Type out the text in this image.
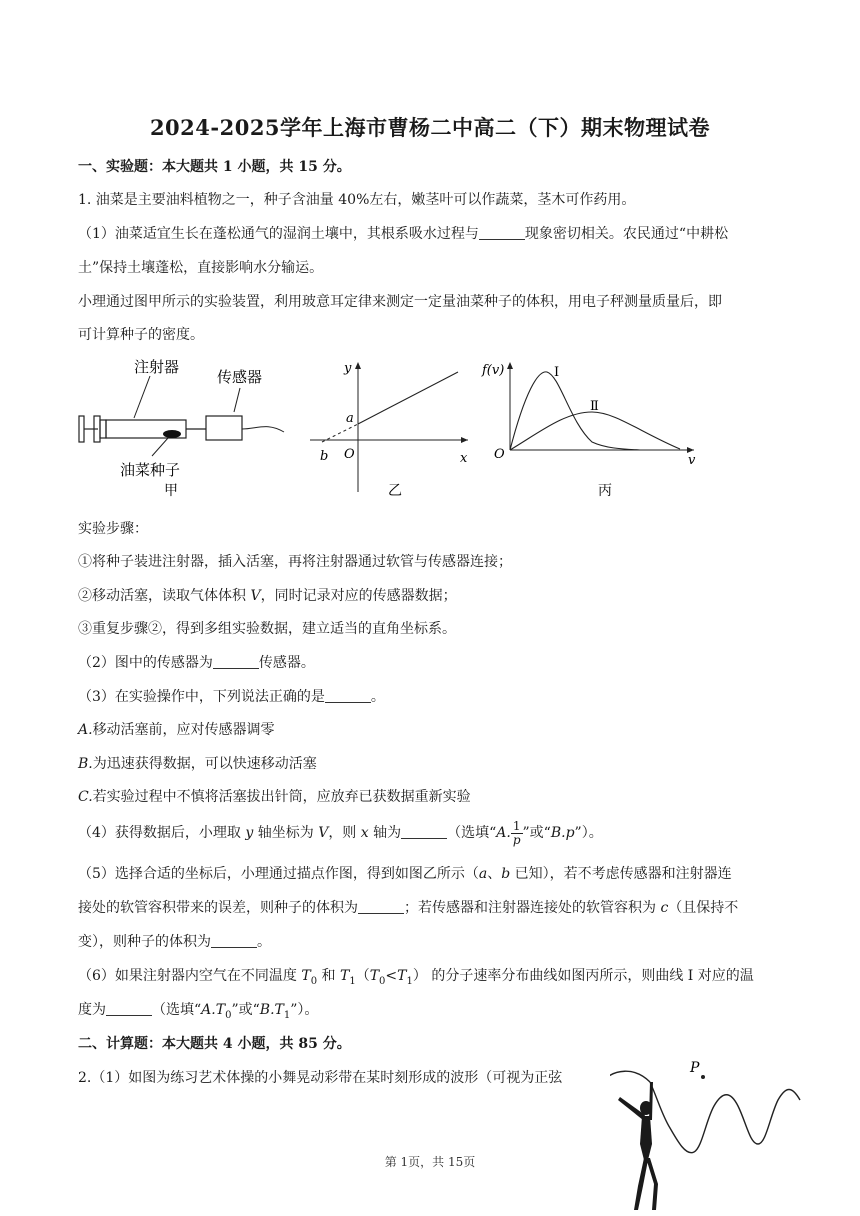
2024-2025学年上海市曹杨二中高二（下）期末物理试卷
一、实验题：本大题共 1 小题，共 15 分。
1. 油菜是主要油料植物之一，种子含油量 40%左右，嫩茎叶可以作蔬菜，茎木可作药用。
（1）油菜适宜生长在蓬松通气的湿润土壤中，其根系吸水过程与	现象密切相关。农民通过“中耕松
土”保持土壤蓬松，直接影响水分输运。
小理通过图甲所示的实验装置，利用玻意耳定律来测定一定量油菜种子的体积，用电子秤测量质量后，即
可计算种子的密度。
注射器
传感器
油菜种子
甲
y
a
b O	x
乙
f(v)	I
Ⅱ
O	v
丙
实验步骤：
①将种子装进注射器，插入活塞，再将注射器通过软管与传感器连接；
②移动活塞，读取气体体积 V，同时记录对应的传感器数据；
③重复步骤②，得到多组实验数据，建立适当的直角坐标系。
（2）图中的传感器为	传感器。
（3）在实验操作中，下列说法正确的是	。
A.移动活塞前，应对传感器调零
B.为迅速获得数据，可以快速移动活塞
C.若实验过程中不慎将活塞拔出针筒，应放弃已获数据重新实验
（4）获得数据后，小理取 y 轴坐标为 V，则 x 轴为	（选填“A. $\frac{1}{p}$ ”或“B.p”）。
（5）选择合适的坐标后，小理通过描点作图，得到如图乙所示（a、b 已知），若不考虑传感器和注射器连
接处的软管容积带来的误差，则种子的体积为	；若传感器和注射器连接处的软管容积为 c（且保持不
变），则种子的体积为	。
（6）如果注射器内空气在不同温度 $T_0$ 和 $T_1(T_0<T_1)$ 的分子速率分布曲线如图丙所示，则曲线 I 对应的温
度为	（选填“$A.T_0$”或“$B.T_1$”）。
二、计算题：本大题共 4 小题，共 85 分。
2.（1）如图为练习艺术体操的小舞晃动彩带在某时刻形成的波形（可视为正弦
P
第 1页，共 15页
